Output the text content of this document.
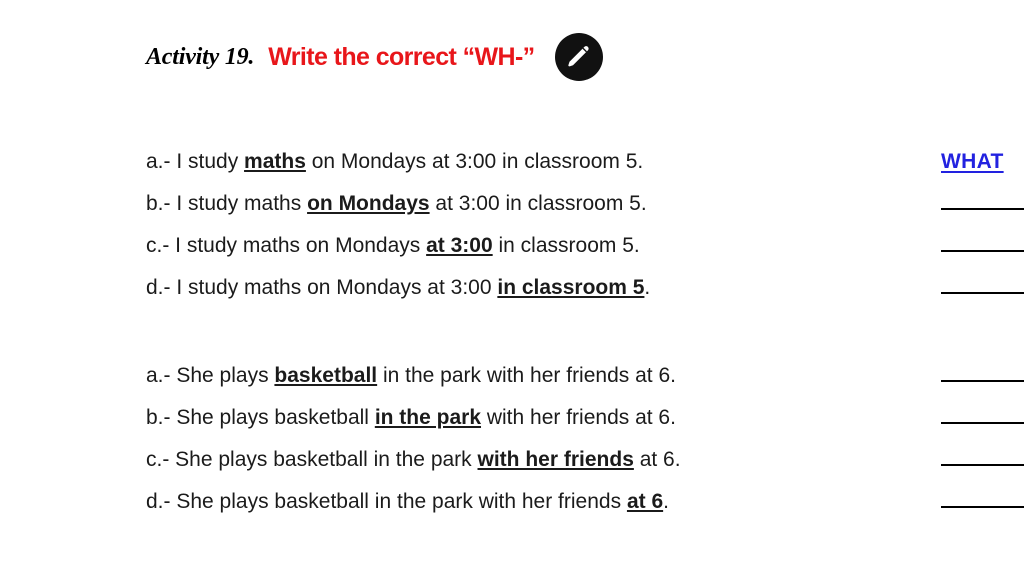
Activity 19. Write the correct “WH-”
a.- I study maths on Mondays at 3:00 in classroom 5.	WHAT
b.- I study maths on Mondays at 3:00 in classroom 5.
c.- I study maths on Mondays at 3:00 in classroom 5.
d.- I study maths on Mondays at 3:00 in classroom 5.
a.- She plays basketball in the park with her friends at 6.
b.- She plays basketball in the park with her friends at 6.
c.- She plays basketball in the park with her friends at 6.
d.- She plays basketball in the park with her friends at 6.
